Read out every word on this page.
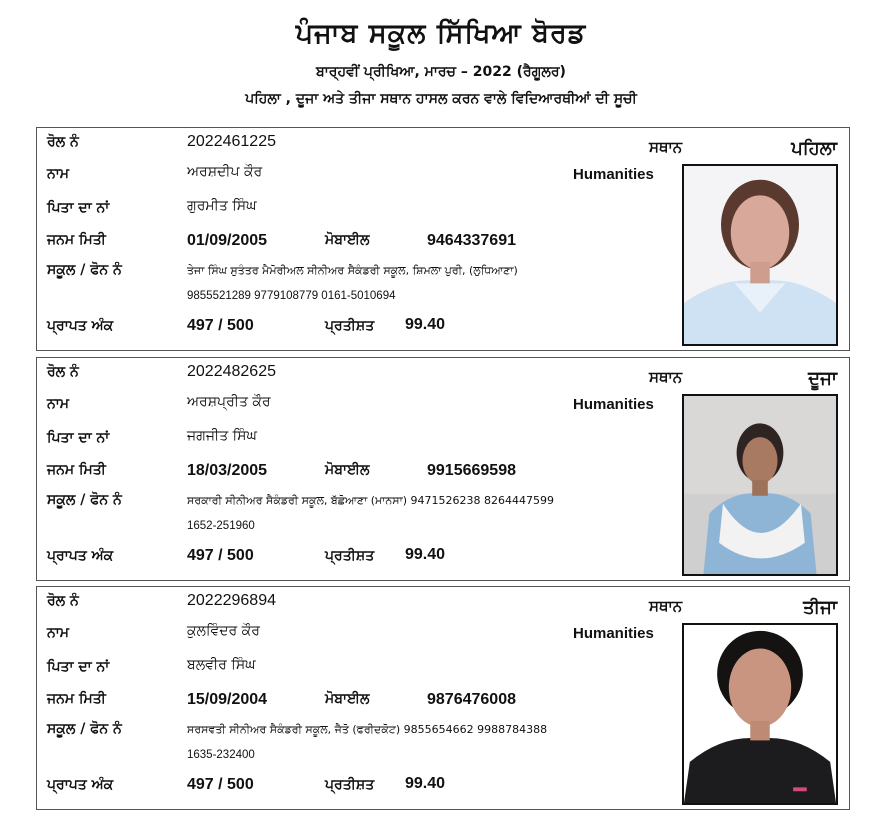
ਪੰਜਾਬ ਸਕੂਲ ਸਿੱਖਿਆ ਬੋਰਡ
ਬਾਰ੍ਹਵੀਂ ਪ੍ਰੀਖਿਆ, ਮਾਰਚ – 2022 (ਰੈਗੂਲਰ)
ਪਹਿਲਾ , ਦੂਜਾ ਅਤੇ ਤੀਜਾ ਸਥਾਨ ਹਾਸਲ ਕਰਨ ਵਾਲੇ ਵਿਦਿਆਰਥੀਆਂ ਦੀ ਸੂਚੀ
ਰੋਲ ਨੰ	2022461225	ਸਥਾਨ	ਪਹਿਲਾ
ਨਾਮ	ਅਰਸ਼ਦੀਪ ਕੌਰ	Humanities
ਪਿਤਾ ਦਾ ਨਾਂ	ਗੁਰਮੀਤ ਸਿੰਘ
ਜਨਮ ਮਿਤੀ	01/09/2005	ਮੋਬਾਈਲ	9464337691
ਸਕੂਲ / ਫੋਨ ਨੰ	ਤੇਜਾ ਸਿੰਘ ਸੁਤੰਤਰ ਮੈਮੋਰੀਅਲ ਸੀਨੀਅਰ ਸੈਕੰਡਰੀ ਸਕੂਲ, ਸ਼ਿਮਲਾ ਪੁਰੀ, (ਲੁਧਿਆਣਾ)
9855521289 9779108779 0161-5010694
ਪ੍ਰਾਪਤ ਅੰਕ	497 / 500	ਪ੍ਰਤੀਸ਼ਤ 99.40
ਰੋਲ ਨੰ	2022482625	ਸਥਾਨ	ਦੂਜਾ
ਨਾਮ	ਅਰਸ਼ਪ੍ਰੀਤ ਕੌਰ	Humanities
ਪਿਤਾ ਦਾ ਨਾਂ	ਜਗਜੀਤ ਸਿੰਘ
ਜਨਮ ਮਿਤੀ	18/03/2005	ਮੋਬਾਈਲ	9915669598
ਸਕੂਲ / ਫੋਨ ਨੰ	ਸਰਕਾਰੀ ਸੀਨੀਅਰ ਸੈਕੰਡਰੀ ਸਕੂਲ, ਬੱਛੋਆਣਾ (ਮਾਨਸਾ) 9471526238 8264447599
1652-251960
ਪ੍ਰਾਪਤ ਅੰਕ	497 / 500	ਪ੍ਰਤੀਸ਼ਤ 99.40
ਰੋਲ ਨੰ	2022296894	ਸਥਾਨ	ਤੀਜਾ
ਨਾਮ	ਕੁਲਵਿੰਦਰ ਕੌਰ	Humanities
ਪਿਤਾ ਦਾ ਨਾਂ	ਬਲਵੀਰ ਸਿੰਘ
ਜਨਮ ਮਿਤੀ	15/09/2004	ਮੋਬਾਈਲ	9876476008
ਸਕੂਲ / ਫੋਨ ਨੰ	ਸਰਸਵਤੀ ਸੀਨੀਅਰ ਸੈਕੰਡਰੀ ਸਕੂਲ, ਜੈਤੋ (ਫਰੀਦਕੋਟ) 9855654662 9988784388
1635-232400
ਪ੍ਰਾਪਤ ਅੰਕ	497 / 500	ਪ੍ਰਤੀਸ਼ਤ 99.40
